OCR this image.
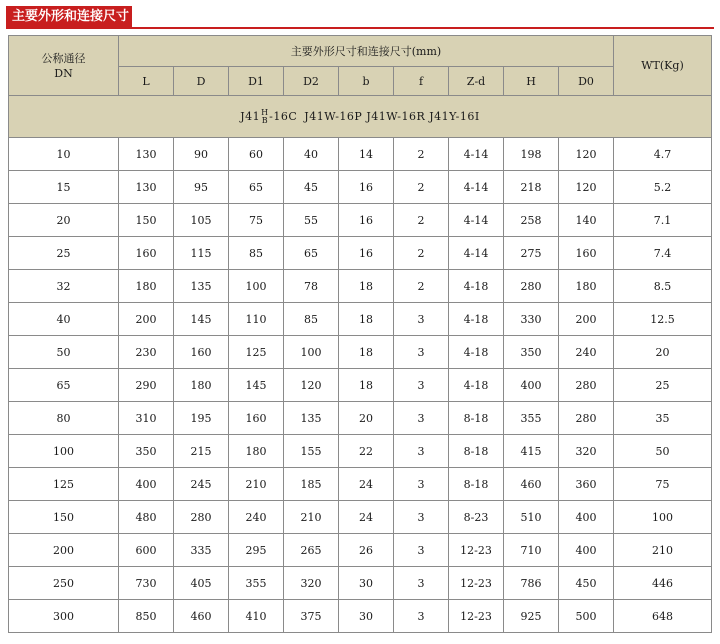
主要外形和连接尺寸
公称通径
DN	主要外形尺寸和连接尺寸(mm)									WT(Kg)
	L	D	D1	D2	b	f	Z-d	H	D0	
J41 H
B -16C J41W-16P J41W-16R J41Y-16I										
10	130	90	60	40	14	2	4-14	198	120	4.7
15	130	95	65	45	16	2	4-14	218	120	5.2
20	150	105	75	55	16	2	4-14	258	140	7.1
25	160	115	85	65	16	2	4-14	275	160	7.4
32	180	135	100	78	18	2	4-18	280	180	8.5
40	200	145	110	85	18	3	4-18	330	200	12.5
50	230	160	125	100	18	3	4-18	350	240	20
65	290	180	145	120	18	3	4-18	400	280	25
80	310	195	160	135	20	3	8-18	355	280	35
100	350	215	180	155	22	3	8-18	415	320	50
125	400	245	210	185	24	3	8-18	460	360	75
150	480	280	240	210	24	3	8-23	510	400	100
200	600	335	295	265	26	3	12-23	710	400	210
250	730	405	355	320	30	3	12-23	786	450	446
300	850	460	410	375	30	3	12-23	925	500	648
